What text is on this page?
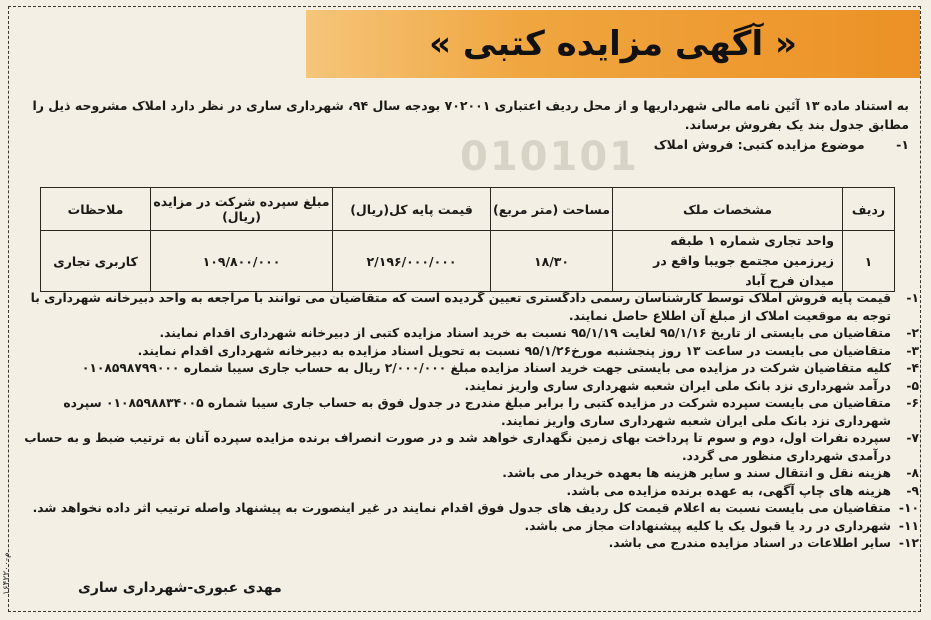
« آگهی مزایده کتبی »
010101
به استناد ماده ۱۳ آئین نامه مالی شهرداریها و از محل ردیف اعتباری ۷۰۲۰۰۱ بودجه سال ۹۴، شهرداری ساری در نظر دارد املاک مشروحه ذیل را مطابق جدول بند یک بفروش برساند.
۱- موضوع مزایده کتبی: فروش املاک
ردیف	مشخصات ملک	مساحت (متر مربع)	قیمت پایه کل(ریال)	مبلغ سپرده شرکت در مزایده (ریال)	ملاحظات
۱	واحد تجاری شماره ۱ طبقه زیرزمین مجتمع جویبا واقع در میدان فرح آباد	۱۸/۳۰	۲/۱۹۶/۰۰۰/۰۰۰	۱۰۹/۸۰۰/۰۰۰	کاربری تجاری
۱-
قیمت پایه فروش املاک توسط کارشناسان رسمی دادگستری تعیین گردیده است که متقاضیان می توانند با مراجعه به واحد دبیرخانه شهرداری با توجه به موقعیت املاک از مبلغ آن اطلاع حاصل نمایند.
۲-
متقاضیان می بایستی از تاریخ ۹۵/۱/۱۶ لغایت ۹۵/۱/۱۹ نسبت به خرید اسناد مزایده کتبی از دبیرخانه شهرداری اقدام نمایند.
۳-
متقاضیان می بایست در ساعت ۱۳ روز پنجشنبه مورخ۹۵/۱/۲۶ نسبت به تحویل اسناد مزایده به دبیرخانه شهرداری اقدام نمایند.
۴-
کلیه متقاضیان شرکت در مزایده می بایستی جهت خرید اسناد مزایده مبلغ ۲/۰۰۰/۰۰۰ ریال به حساب جاری سیبا شماره ۰۱۰۸۵۹۸۷۹۹۰۰۰
۵-
درآمد شهرداری نزد بانک ملی ایران شعبه شهرداری ساری واریز نمایند.
۶-
متقاضیان می بایست سپرده شرکت در مزایده کتبی را برابر مبلغ مندرج در جدول فوق به حساب جاری سیبا شماره ۰۱۰۸۵۹۸۸۳۴۰۰۵ سپرده شهرداری نزد بانک ملی ایران شعبه شهرداری ساری واریز نمایند.
۷-
سپرده نفرات اول، دوم و سوم تا پرداخت بهای زمین نگهداری خواهد شد و در صورت انصراف برنده مزایده سپرده آنان به ترتیب ضبط و به حساب درآمدی شهرداری منظور می گردد.
۸-
هزینه نقل و انتقال سند و سایر هزینه ها بعهده خریدار می باشد.
۹-
هزینه های چاپ آگهی، به عهده برنده مزایده می باشد.
۱۰-
متقاضیان می بایست نسبت به اعلام قیمت کل ردیف های جدول فوق اقدام نمایند در غیر اینصورت به پیشنهاد واصله ترتیب اثر داده نخواهد شد.
۱۱-
شهرداری در رد یا قبول یک یا کلیه پیشنهادات مجاز می باشد.
۱۲-
سایر اطلاعات در اسناد مزایده مندرج می باشد.
مهدی عبوری-شهرداری ساری
۱۶۴۲۲۰۰-م
